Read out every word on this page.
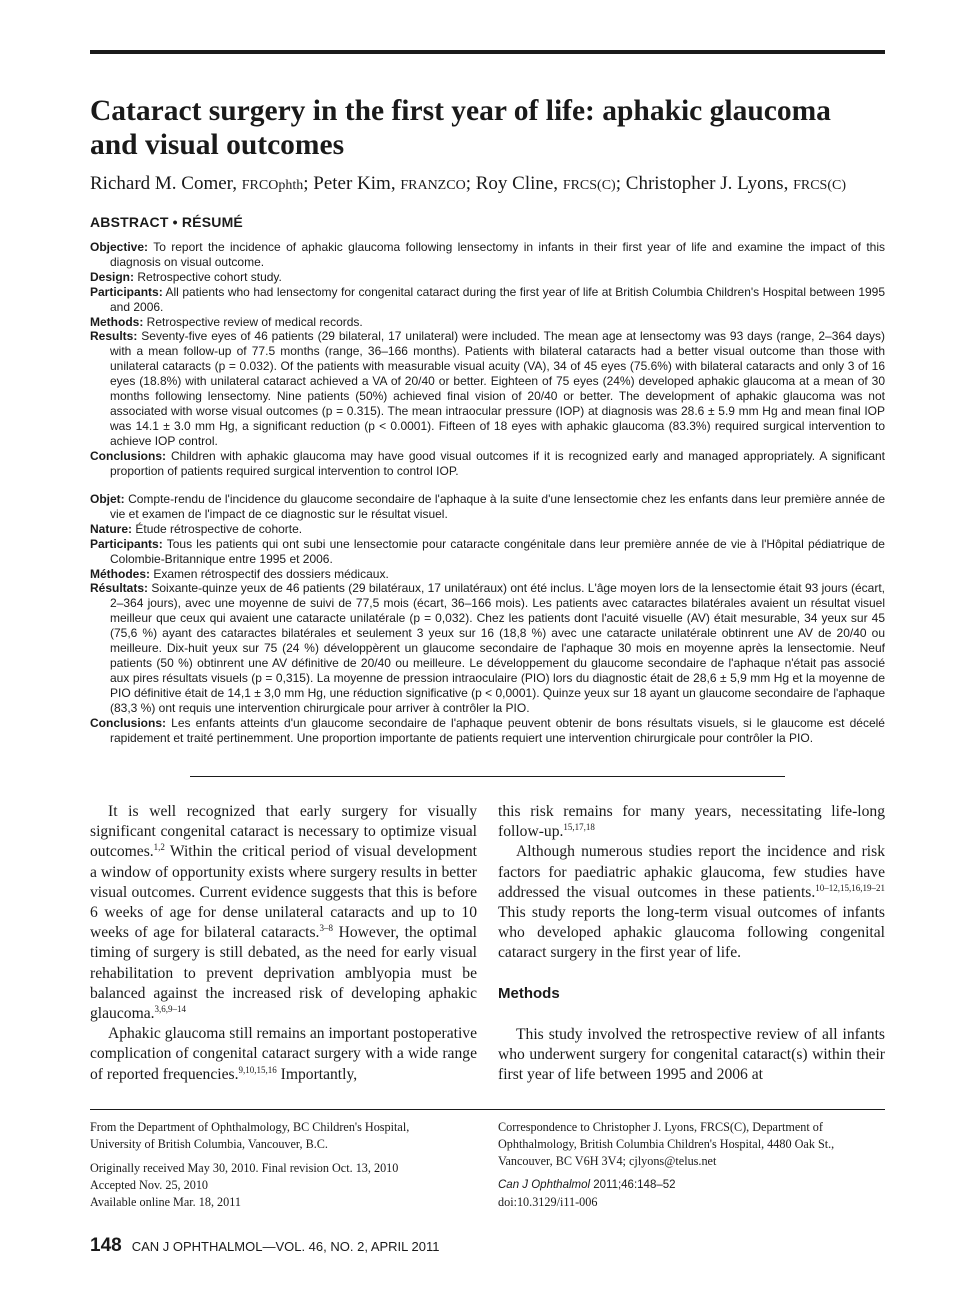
Cataract surgery in the first year of life: aphakic glaucoma and visual outcomes
Richard M. Comer, FRCOphth; Peter Kim, FRANZCO; Roy Cline, FRCS(C); Christopher J. Lyons, FRCS(C)
ABSTRACT • RÉSUMÉ

Objective: To report the incidence of aphakic glaucoma following lensectomy in infants in their first year of life and examine the impact of this diagnosis on visual outcome.

Design: Retrospective cohort study.

Participants: All patients who had lensectomy for congenital cataract during the first year of life at British Columbia Children's Hospital between 1995 and 2006.

Methods: Retrospective review of medical records.

Results: Seventy-five eyes of 46 patients (29 bilateral, 17 unilateral) were included. The mean age at lensectomy was 93 days (range, 2–364 days) with a mean follow-up of 77.5 months (range, 36–166 months). Patients with bilateral cataracts had a better visual outcome than those with unilateral cataracts (p = 0.032). Of the patients with measurable visual acuity (VA), 34 of 45 eyes (75.6%) with bilateral cataracts and only 3 of 16 eyes (18.8%) with unilateral cataract achieved a VA of 20/40 or better. Eighteen of 75 eyes (24%) developed aphakic glaucoma at a mean of 30 months following lensectomy. Nine patients (50%) achieved final vision of 20/40 or better. The development of aphakic glaucoma was not associated with worse visual outcomes (p = 0.315). The mean intraocular pressure (IOP) at diagnosis was 28.6 ± 5.9 mm Hg and mean final IOP was 14.1 ± 3.0 mm Hg, a significant reduction (p < 0.0001). Fifteen of 18 eyes with aphakic glaucoma (83.3%) required surgical intervention to achieve IOP control.

Conclusions: Children with aphakic glaucoma may have good visual outcomes if it is recognized early and managed appropriately. A significant proportion of patients required surgical intervention to control IOP.

Objet: Compte-rendu de l'incidence du glaucome secondaire de l'aphaque à la suite d'une lensectomie chez les enfants dans leur première année de vie et examen de l'impact de ce diagnostic sur le résultat visuel.

Nature: Étude rétrospective de cohorte.

Participants: Tous les patients qui ont subi une lensectomie pour cataracte congénitale dans leur première année de vie à l'Hôpital pédiatrique de Colombie-Britannique entre 1995 et 2006.

Méthodes: Examen rétrospectif des dossiers médicaux.

Résultats: Soixante-quinze yeux de 46 patients (29 bilatéraux, 17 unilatéraux) ont été inclus. L'âge moyen lors de la lensectomie était 93 jours (écart, 2–364 jours), avec une moyenne de suivi de 77,5 mois (écart, 36–166 mois). Les patients avec cataractes bilatérales avaient un résultat visuel meilleur que ceux qui avaient une cataracte unilatérale (p = 0,032). Chez les patients dont l'acuité visuelle (AV) était mesurable, 34 yeux sur 45 (75,6 %) ayant des cataractes bilatérales et seulement 3 yeux sur 16 (18,8 %) avec une cataracte unilatérale obtinrent une AV de 20/40 ou meilleure. Dix-huit yeux sur 75 (24 %) développèrent un glaucome secondaire de l'aphaque 30 mois en moyenne après la lensectomie. Neuf patients (50 %) obtinrent une AV définitive de 20/40 ou meilleure. Le développement du glaucome secondaire de l'aphaque n'était pas associé aux pires résultats visuels (p = 0,315). La moyenne de pression intraoculaire (PIO) lors du diagnostic était de 28,6 ± 5,9 mm Hg et la moyenne de PIO définitive était de 14,1 ± 3,0 mm Hg, une réduction significative (p < 0,0001). Quinze yeux sur 18 ayant un glaucome secondaire de l'aphaque (83,3 %) ont requis une intervention chirurgicale pour arriver à contrôler la PIO.

Conclusions: Les enfants atteints d'un glaucome secondaire de l'aphaque peuvent obtenir de bons résultats visuels, si le glaucome est décelé rapidement et traité pertinemment. Une proportion importante de patients requiert une intervention chirurgicale pour contrôler la PIO.

It is well recognized that early surgery for visually significant congenital cataract is necessary to optimize visual outcomes.$^{1,2}$ Within the critical period of visual development a window of opportunity exists where surgery results in better visual outcomes. Current evidence suggests that this is before 6 weeks of age for dense unilateral cataracts and up to 10 weeks of age for bilateral cataracts.$^{3-8}$ However, the optimal timing of surgery is still debated, as the need for early visual rehabilitation to prevent deprivation amblyopia must be balanced against the increased risk of developing aphakic glaucoma.$^{3,6,9-14}$

Aphakic glaucoma still remains an important postoperative complication of congenital cataract surgery with a wide range of reported frequencies.$^{9,10,15,16}$ Importantly,

this risk remains for many years, necessitating life-long follow-up.$^{15,17,18}$

Although numerous studies report the incidence and risk factors for paediatric aphakic glaucoma, few studies have addressed the visual outcomes in these patients.$^{10-12,15,16,19-21}$ This study reports the long-term visual outcomes of infants who developed aphakic glaucoma following congenital cataract surgery in the first year of life.

Methods

This study involved the retrospective review of all infants who underwent surgery for congenital cataract(s) within their first year of life between 1995 and 2006 at

From the Department of Ophthalmology, BC Children's Hospital, University of British Columbia, Vancouver, B.C.

Originally received May 30, 2010. Final revision Oct. 13, 2010

Accepted Nov. 25, 2010

Available online Mar. 18, 2011

Correspondence to Christopher J. Lyons, FRCS(C), Department of Ophthalmology, British Columbia Children's Hospital, 4480 Oak St., Vancouver, BC V6H 3V4; cjlyons@telus.net

Can J Ophthalmol 2011;46:148–52

doi:10.3129/i11-006

148 CAN J OPHTHALMOL—VOL. 46, NO. 2, APRIL 2011
